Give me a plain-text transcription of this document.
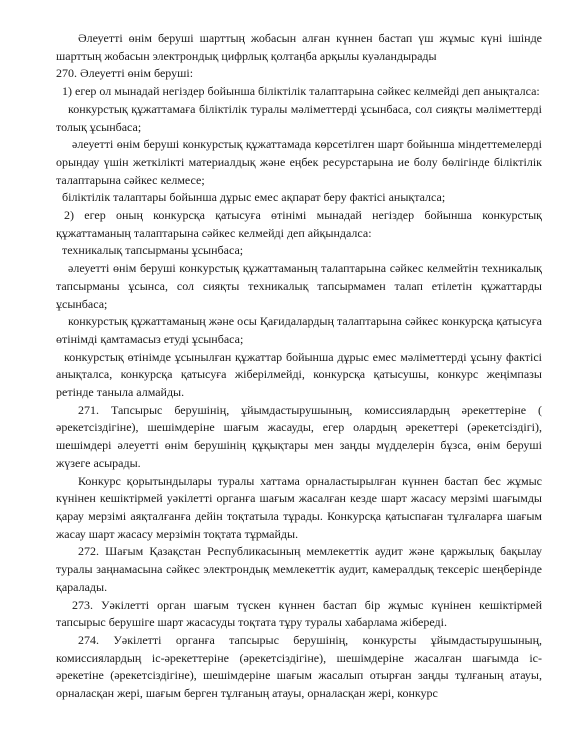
Әлеуетті өнім беруші шарттың жобасын алған күннен бастап үш жұмыс күні ішінде шарттың жобасын электрондық цифрлық қолтаңба арқылы куәландырады

270. Әлеуетті өнім беруші:

1) егер ол мынадай негіздер бойынша біліктілік талаптарына сәйкес келмейді деп анықталса:

конкурстық құжаттамаға біліктілік туралы мәліметтерді ұсынбаса, сол сияқты мәліметтерді толық ұсынбаса;

әлеуетті өнім беруші конкурстық құжаттамада көрсетілген шарт бойынша міндеттемелерді орындау үшін жеткілікті материалдық және еңбек ресурстарына ие болу бөлігінде біліктілік талаптарына сәйкес келмесе;

біліктілік талаптары бойынша дұрыс емес ақпарат беру фактісі анықталса;

2) егер оның конкурсқа қатысуға өтінімі мынадай негіздер бойынша конкурстық құжаттаманың талаптарына сәйкес келмейді деп айқындалса:

техникалық тапсырманы ұсынбаса;

әлеуетті өнім беруші конкурстық құжаттаманың талаптарына сәйкес келмейтін техникалық тапсырманы ұсынса, сол сияқты техникалық тапсырмамен талап етілетін құжаттарды ұсынбаса;

конкурстық құжаттаманың және осы Қағидалардың талаптарына сәйкес конкурсқа қатысуға өтінімді қамтамасыз етуді ұсынбаса;

конкурстық өтінімде ұсынылған құжаттар бойынша дұрыс емес мәліметтерді ұсыну фактісі анықталса, конкурсқа қатысуға жіберілмейді, конкурсқа қатысушы, конкурс жеңімпазы ретінде таныла алмайды.

271. Тапсырыс берушінің, ұйымдастырушының, комиссиялардың әрекеттеріне ( әрекетсіздігіне), шешімдеріне шағым жасауды, егер олардың әрекеттері (әрекетсіздігі), шешімдері әлеуетті өнім берушінің құқықтары мен заңды мүдделерін бұзса, өнім беруші жүзеге асырады.

Конкурс қорытындылары туралы хаттама орналастырылған күннен бастап бес жұмыс күнінен кешіктірмей уәкілетті органға шағым жасалған кезде шарт жасасу мерзімі шағымды қарау мерзімі аяқталғанға дейін тоқтатыла тұрады. Конкурсқа қатыспаған тұлғаларға шағым жасау шарт жасасу мерзімін тоқтата тұрмайды.

272. Шағым Қазақстан Республикасының мемлекеттік аудит және қаржылық бақылау туралы заңнамасына сәйкес электрондық мемлекеттік аудит, камералдық тексеріс шеңберінде қаралады.

273. Уәкілетті орган шағым түскен күннен бастап бір жұмыс күнінен кешіктірмей тапсырыс берушіге шарт жасасуды тоқтата тұру туралы хабарлама жібереді.

274. Уәкілетті органға тапсырыс берушінің, конкурсты ұйымдастырушының, комиссиялардың іс-әрекеттеріне (әрекетсіздігіне), шешімдеріне жасалған шағымда іс-әрекетіне (әрекетсіздігіне), шешімдеріне шағым жасалып отырған заңды тұлғаның атауы, орналасқан жері, шағым берген тұлғаның атауы, орналасқан жері, конкурс
